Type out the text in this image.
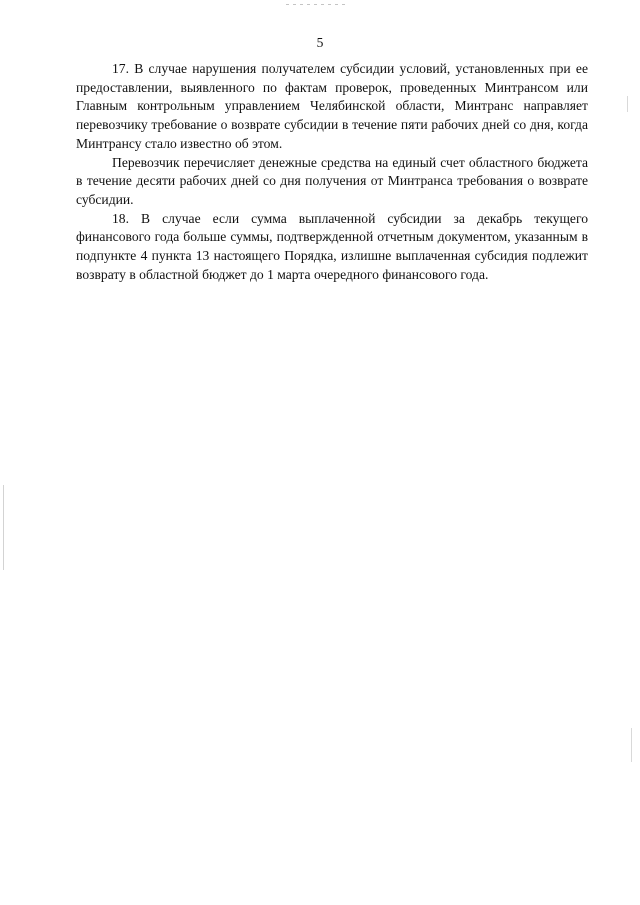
5

17. В случае нарушения получателем субсидии условий, установленных при ее предоставлении, выявленного по фактам проверок, проведенных Минтрансом или Главным контрольным управлением Челябинской области, Минтранс направляет перевозчику требование о возврате субсидии в течение пяти рабочих дней со дня, когда Минтрансу стало известно об этом.

Перевозчик перечисляет денежные средства на единый счет областного бюджета в течение десяти рабочих дней со дня получения от Минтранса требования о возврате субсидии.

18. В случае если сумма выплаченной субсидии за декабрь текущего финансового года больше суммы, подтвержденной отчетным документом, указанным в подпункте 4 пункта 13 настоящего Порядка, излишне выплаченная субсидия подлежит возврату в областной бюджет до 1 марта очередного финансового года.
